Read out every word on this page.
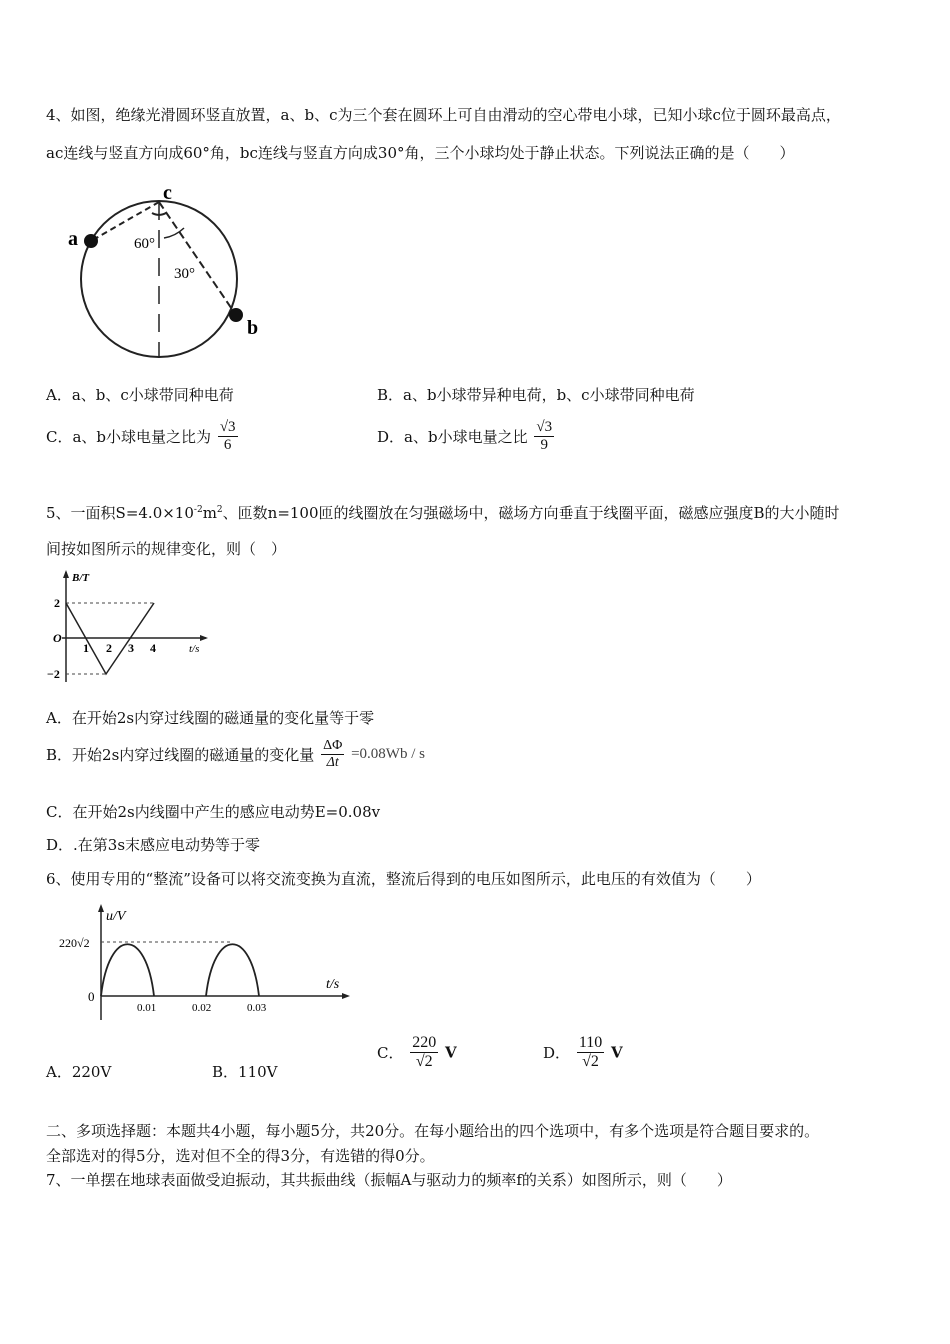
4、如图，绝缘光滑圆环竖直放置，a、b、c为三个套在圆环上可自由滑动的空心带电小球，已知小球c位于圆环最高点，
ac连线与竖直方向成60°角，bc连线与竖直方向成30°角，三个小球均处于静止状态。下列说法正确的是（　　）
a
b
c
60°
30°
A．a、b、c小球带同种电荷	B．a、b小球带异种电荷，b、c小球带同种电荷
C．a、b小球电量之比为 $\frac{√3}{6}$	D．a、b小球电量之比 $\frac{√3}{9}$
5、一面积$S=4.0\times 10^{-2}m^2$、匝数n=100匝的线圈放在匀强磁场中，磁场方向垂直于线圈平面，磁感应强度B的大小随时
间按如图所示的规律变化，则（　）
B/T
t/s
O
2
−2
1 2 3 4
A．在开始2s内穿过线圈的磁通量的变化量等于零
B．开始2s内穿过线圈的磁通量的变化量 $\frac{\Delta\Phi}{\Delta t} =0.08Wb / s$
C．在开始2s内线圈中产生的感应电动势E=0.08v
D．.在第3s末感应电动势等于零
6、使用专用的“整流”设备可以将交流变换为直流，整流后得到的电压如图所示，此电压的有效值为（　　）
u/V
t/s
220√2
0
0.01	0.02	0.03
A．220V	B．110V
C． $\frac{220}{√2}$ V	D． $\frac{110}{√2}$ V
二、多项选择题：本题共4小题，每小题5分，共20分。在每小题给出的四个选项中，有多个选项是符合题目要求的。
全部选对的得5分，选对但不全的得3分，有选错的得0分。
7、一单摆在地球表面做受迫振动，其共振曲线（振幅A与驱动力的频率f的关系）如图所示，则（　　）
